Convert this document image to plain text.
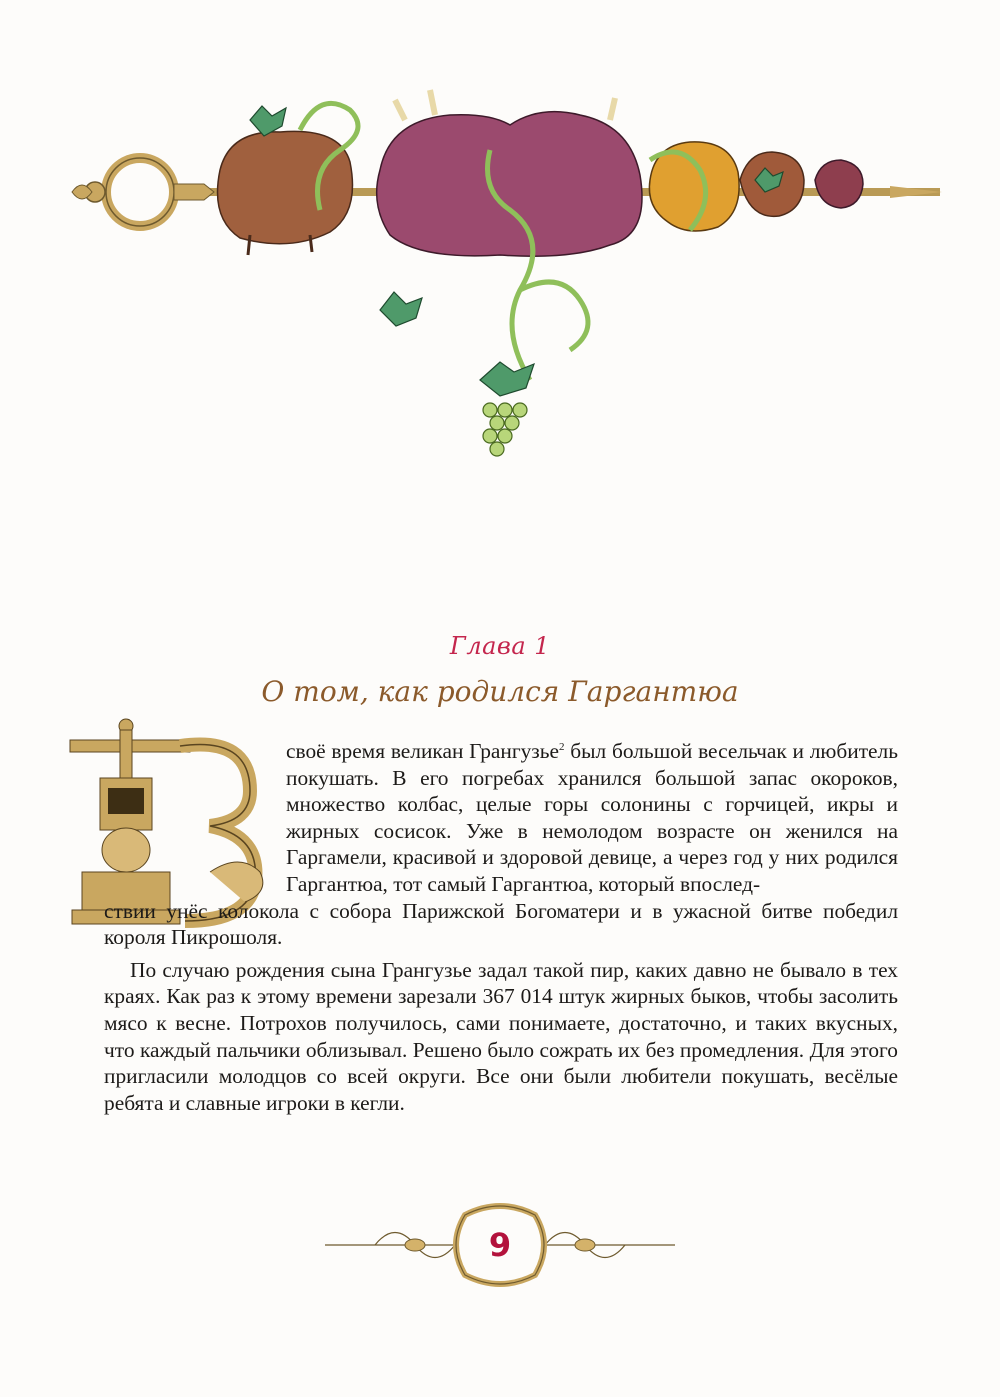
Глава 1
О том, как родился Гаргантюа

своё время великан Грангузье$^2$ был большой весельчак и любитель покушать. В его погребах хранился большой запас окороков, множество колбас, целые горы солонины с горчицей, икры и жирных сосисок. Уже в немолодом возрасте он женился на Гаргамели, красивой и здоровой девице, а через год у них родился Гаргантюа, тот самый Гаргантюа, который впослед-
ствии унёс колокола с собора Парижской Богоматери и в ужасной битве победил короля Пикрошоля.

По случаю рождения сына Грангузье задал такой пир, каких давно не бывало в тех краях. Как раз к этому времени зарезали 367 014 штук жирных быков, чтобы засолить мясо к весне. Потрохов получилось, сами понимаете, достаточно, и таких вкусных, что каждый пальчики облизывал. Решено было сожрать их без промедления. Для этого пригласили молодцов со всей округи. Все они были любители покушать, весёлые ребята и славные игроки в кегли.

9
